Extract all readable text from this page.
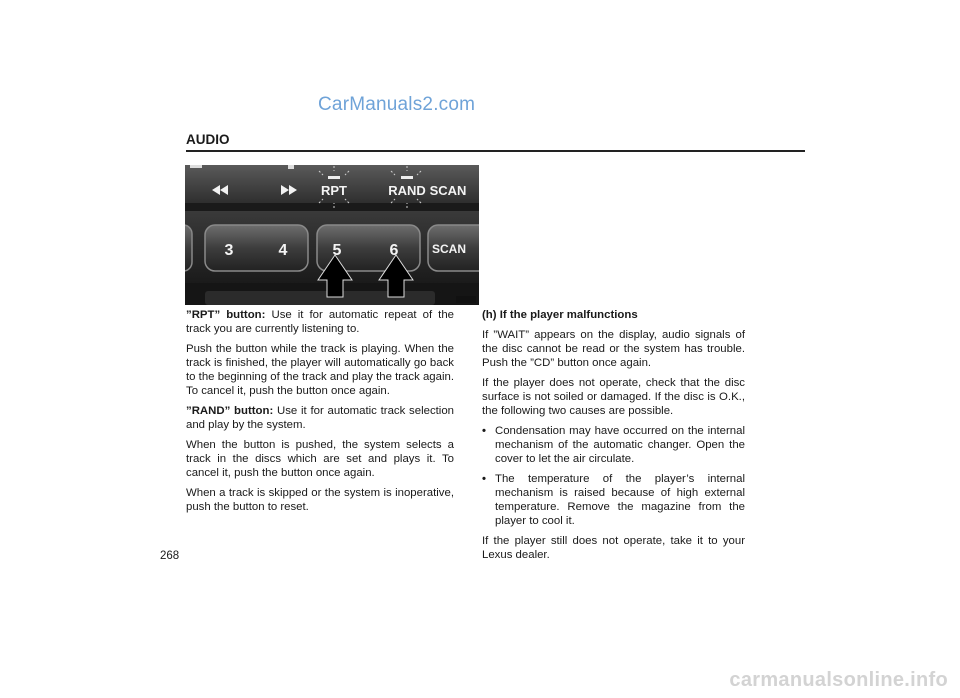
CarManuals2.com
AUDIO
RPT	RAND SCAN
3	4	5	6	SCAN

”RPT” button: Use it for automatic repeat of the track you are currently listening to.

Push the button while the track is playing. When the track is finished, the player will automatically go back to the beginning of the track and play the track again. To cancel it, push the button once again.

”RAND” button: Use it for automatic track selection and play by the system.

When the button is pushed, the system selects a track in the discs which are set and plays it. To cancel it, push the button once again.

When a track is skipped or the system is inoperative, push the button to reset.

(h) If the player malfunctions

If ”WAIT” appears on the display, audio signals of the disc cannot be read or the system has trouble. Push the ”CD” button once again.

If the player does not operate, check that the disc surface is not soiled or damaged. If the disc is O.K., the following two causes are possible.

• Condensation may have occurred on the internal mechanism of the automatic changer. Open the cover to let the air circulate.
• The temperature of the player’s internal mechanism is raised because of high external temperature. Remove the magazine from the player to cool it.

If the player still does not operate, take it to your Lexus dealer.

268
carmanualsonline.info
